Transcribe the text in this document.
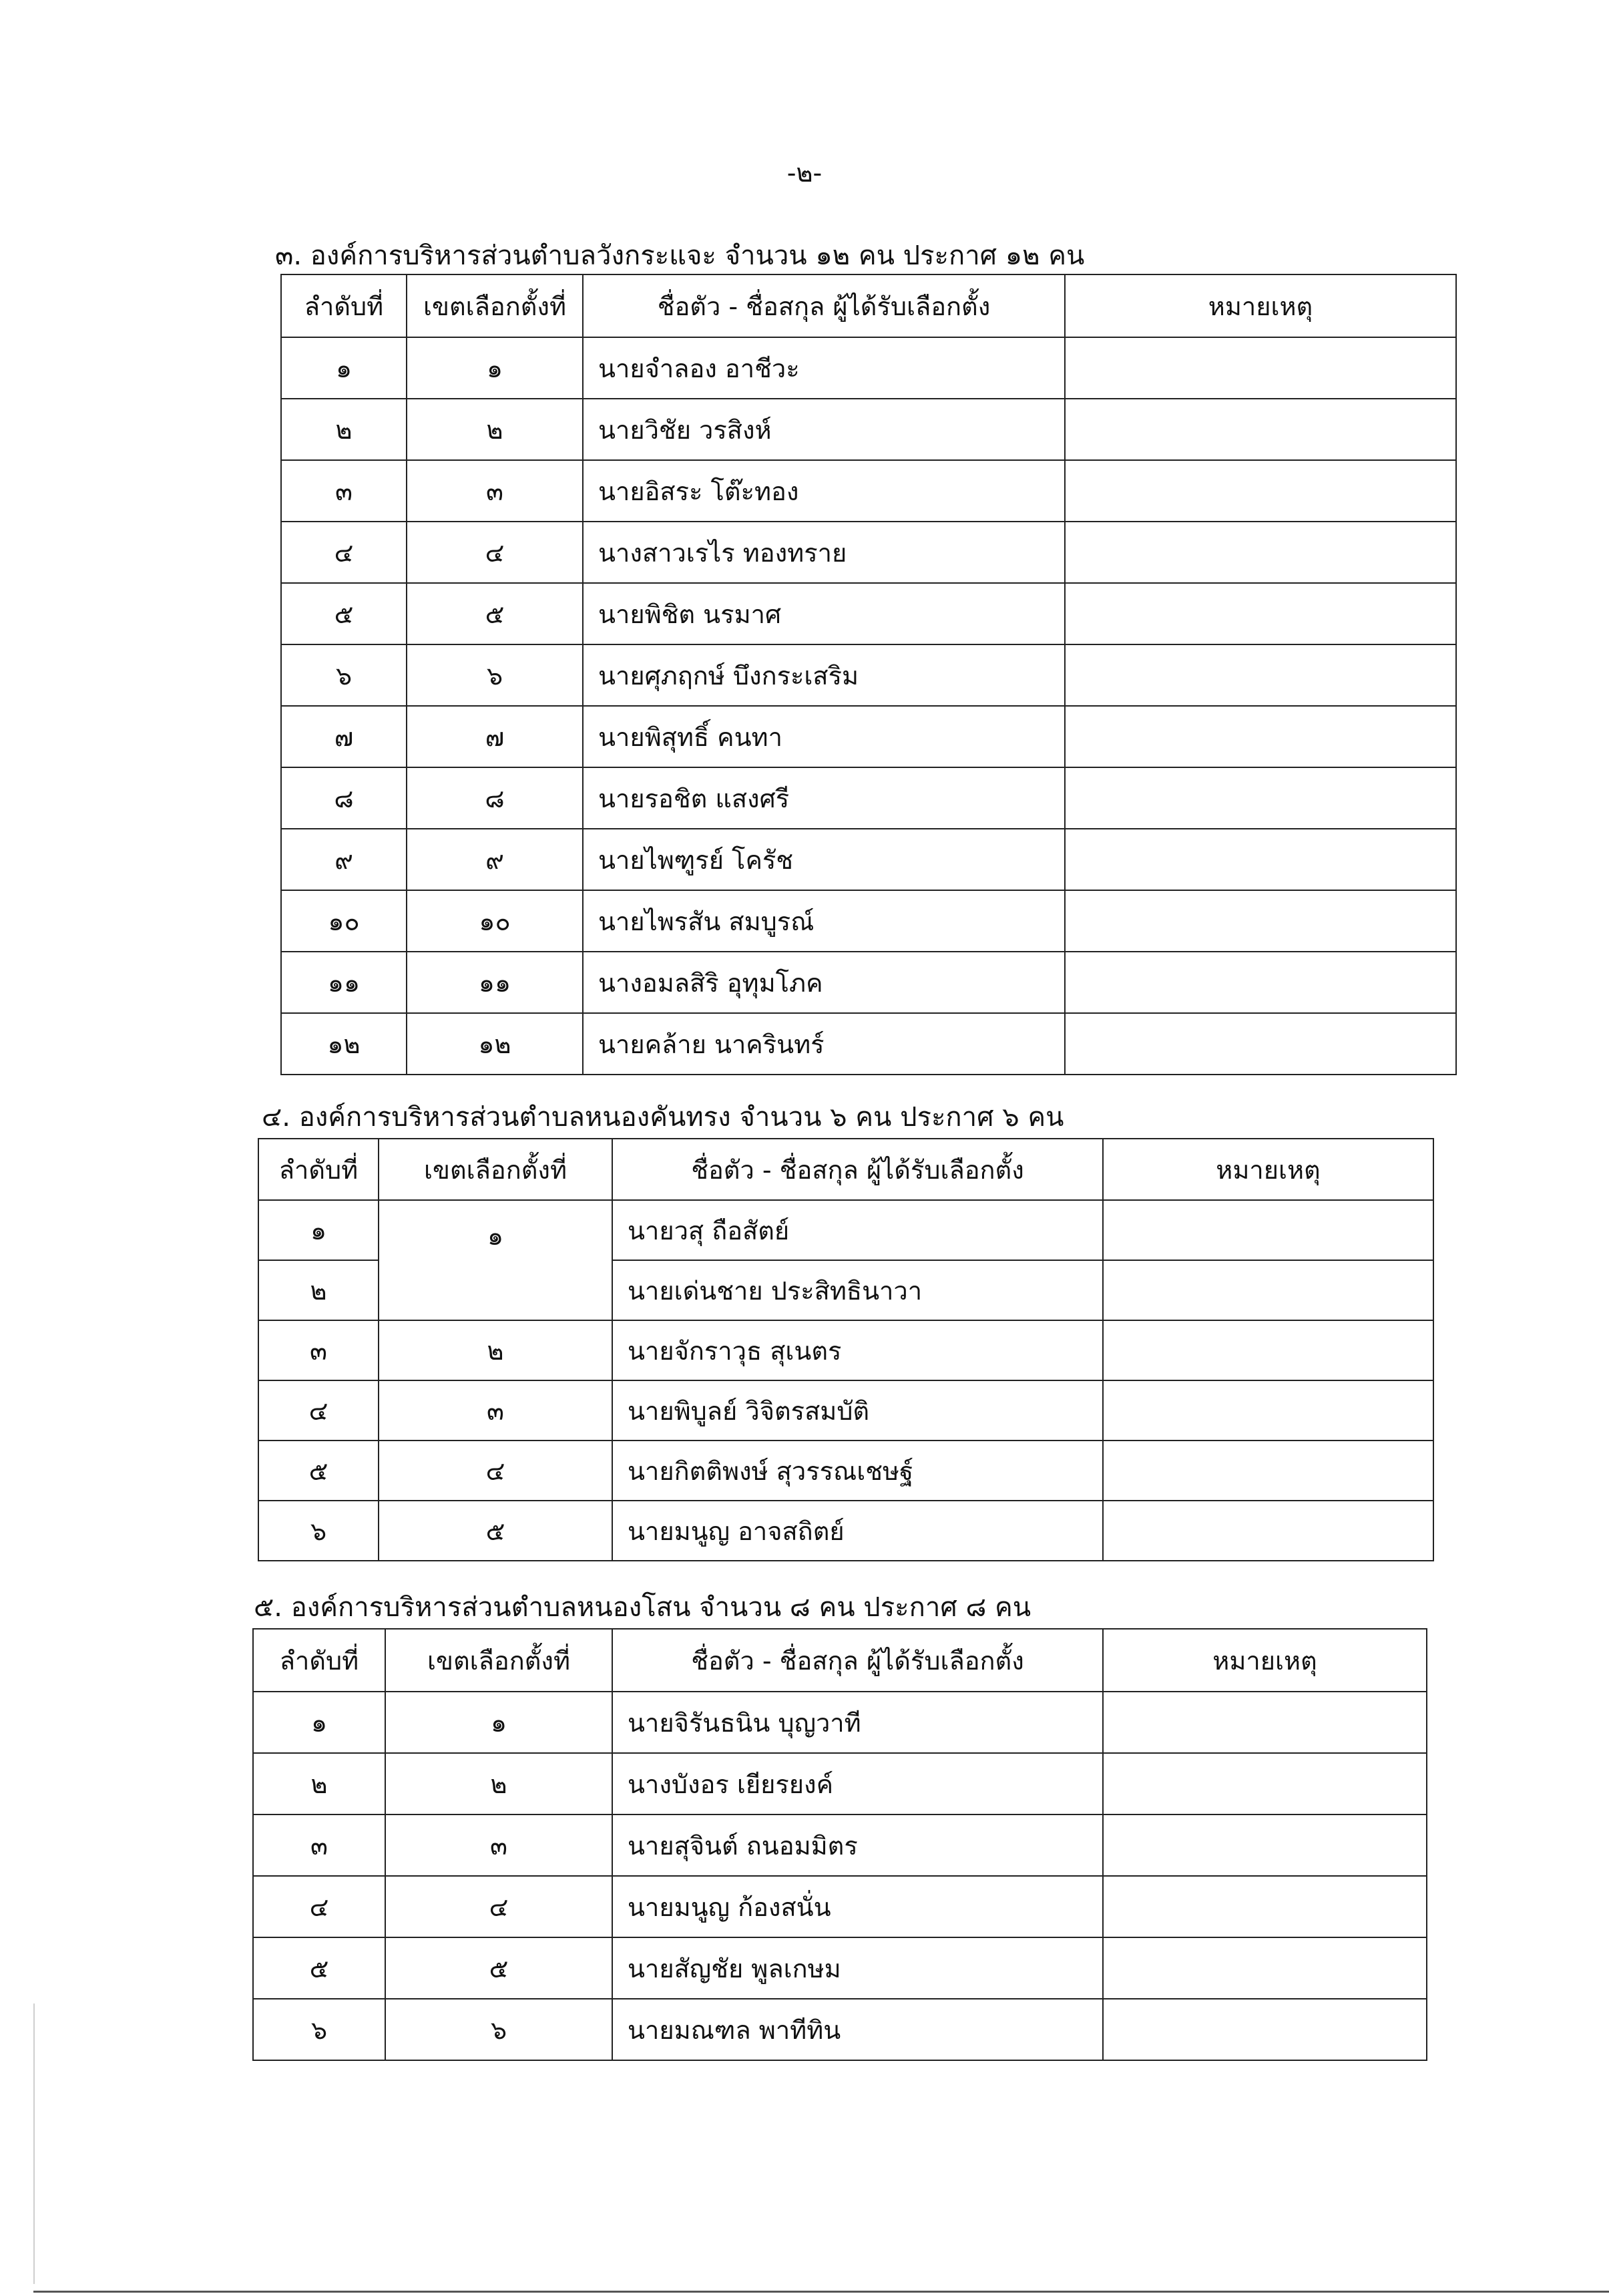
-๒-
๓. องค์การบริหารส่วนตำบลวังกระแจะ จำนวน ๑๒ คน ประกาศ ๑๒ คน
ลำดับที่	เขตเลือกตั้งที่	ชื่อตัว - ชื่อสกุล ผู้ได้รับเลือกตั้ง	หมายเหตุ
๑	๑	นายจำลอง อาชีวะ	
๒	๒	นายวิชัย วรสิงห์	
๓	๓	นายอิสระ โต๊ะทอง	
๔	๔	นางสาวเรไร ทองทราย	
๕	๕	นายพิชิต นรมาศ	
๖	๖	นายศุภฤกษ์ บึงกระเสริม	
๗	๗	นายพิสุทธิ์ คนทา	
๘	๘	นายรอชิต แสงศรี	
๙	๙	นายไพฑูรย์ โครัช	
๑๐	๑๐	นายไพรสัน สมบูรณ์	
๑๑	๑๑	นางอมลสิริ อุทุมโภค	
๑๒	๑๒	นายคล้าย นาครินทร์	
๔. องค์การบริหารส่วนตำบลหนองคันทรง จำนวน ๖ คน ประกาศ ๖ คน
ลำดับที่	เขตเลือกตั้งที่	ชื่อตัว - ชื่อสกุล ผู้ได้รับเลือกตั้ง	หมายเหตุ
๑	๑	นายวสุ ถือสัตย์	
๒		นายเด่นชาย ประสิทธินาวา	
๓	๒	นายจักราวุธ สุเนตร	
๔	๓	นายพิบูลย์ วิจิตรสมบัติ	
๕	๔	นายกิตติพงษ์ สุวรรณเชษฐ์	
๖	๕	นายมนูญ อาจสถิตย์	
๕. องค์การบริหารส่วนตำบลหนองโสน จำนวน ๘ คน ประกาศ ๘ คน
ลำดับที่	เขตเลือกตั้งที่	ชื่อตัว - ชื่อสกุล ผู้ได้รับเลือกตั้ง	หมายเหตุ
๑	๑	นายจิรันธนิน บุญวาที	
๒	๒	นางบังอร เยียรยงค์	
๓	๓	นายสุจินต์ ถนอมมิตร	
๔	๔	นายมนูญ ก้องสนั่น	
๕	๕	นายสัญชัย พูลเกษม	
๖	๖	นายมณฑล พาทีทิน	
